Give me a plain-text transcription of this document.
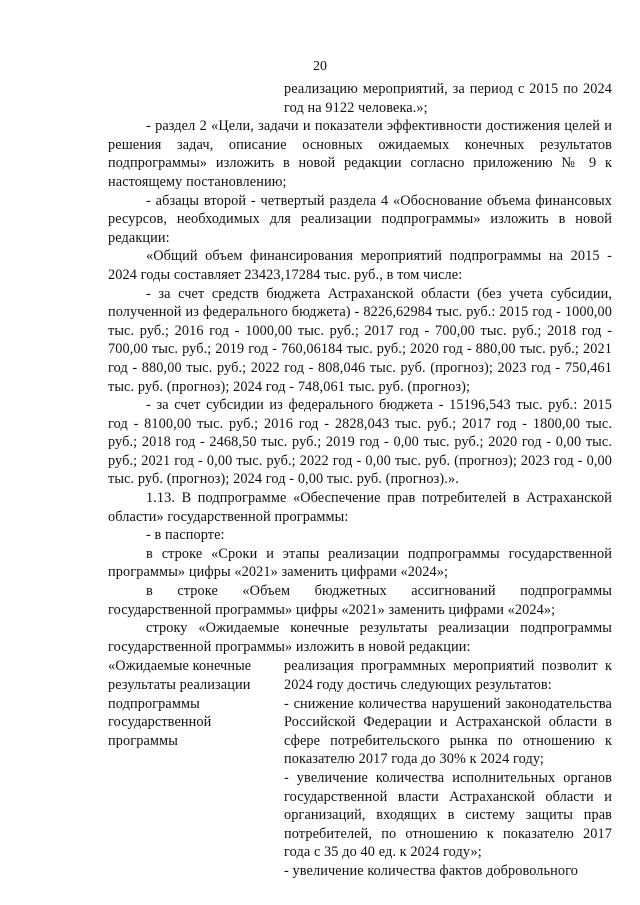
20

реализацию мероприятий, за период с 2015 по 2024 год на 9122 человека.»;

- раздел 2 «Цели, задачи и показатели эффективности достижения целей и решения задач, описание основных ожидаемых конечных результатов подпрограммы» изложить в новой редакции согласно приложению № 9 к настоящему постановлению;

- абзацы второй - четвертый раздела 4 «Обоснование объема финансовых ресурсов, необходимых для реализации подпрограммы» изложить в новой редакции:

«Общий объем финансирования мероприятий подпрограммы на 2015 - 2024 годы составляет 23423,17284 тыс. руб., в том числе:

- за счет средств бюджета Астраханской области (без учета субсидии, полученной из федерального бюджета) - 8226,62984 тыс. руб.: 2015 год - 1000,00 тыс. руб.; 2016 год - 1000,00 тыс. руб.; 2017 год - 700,00 тыс. руб.; 2018 год - 700,00 тыс. руб.; 2019 год - 760,06184 тыс. руб.; 2020 год - 880,00 тыс. руб.; 2021 год - 880,00 тыс. руб.; 2022 год - 808,046 тыс. руб. (прогноз); 2023 год - 750,461 тыс. руб. (прогноз); 2024 год - 748,061 тыс. руб. (прогноз);

- за счет субсидии из федерального бюджета - 15196,543 тыс. руб.: 2015 год - 8100,00 тыс. руб.; 2016 год - 2828,043 тыс. руб.; 2017 год - 1800,00 тыс. руб.; 2018 год - 2468,50 тыс. руб.; 2019 год - 0,00 тыс. руб.; 2020 год - 0,00 тыс. руб.; 2021 год - 0,00 тыс. руб.; 2022 год - 0,00 тыс. руб. (прогноз); 2023 год - 0,00 тыс. руб. (прогноз); 2024 год - 0,00 тыс. руб. (прогноз).».

1.13. В подпрограмме «Обеспечение прав потребителей в Астраханской области» государственной программы:

- в паспорте:

в строке «Сроки и этапы реализации подпрограммы государственной программы» цифры «2021» заменить цифрами «2024»;

в строке «Объем бюджетных ассигнований подпрограммы государственной программы» цифры «2021» заменить цифрами «2024»;

строку «Ожидаемые конечные результаты реализации подпрограммы государственной программы» изложить в новой редакции:

«Ожидаемые конечные результаты реализации подпрограммы государственной программы

реализация программных мероприятий позволит к 2024 году достичь следующих результатов:

- снижение количества нарушений законодательства Российской Федерации и Астраханской области в сфере потребительского рынка по отношению к показателю 2017 года до 30% к 2024 году;

- увеличение количества исполнительных органов государственной власти Астраханской области и организаций, входящих в систему защиты прав потребителей, по отношению к показателю 2017 года с 35 до 40 ед. к 2024 году»;

- увеличение количества фактов добровольного
